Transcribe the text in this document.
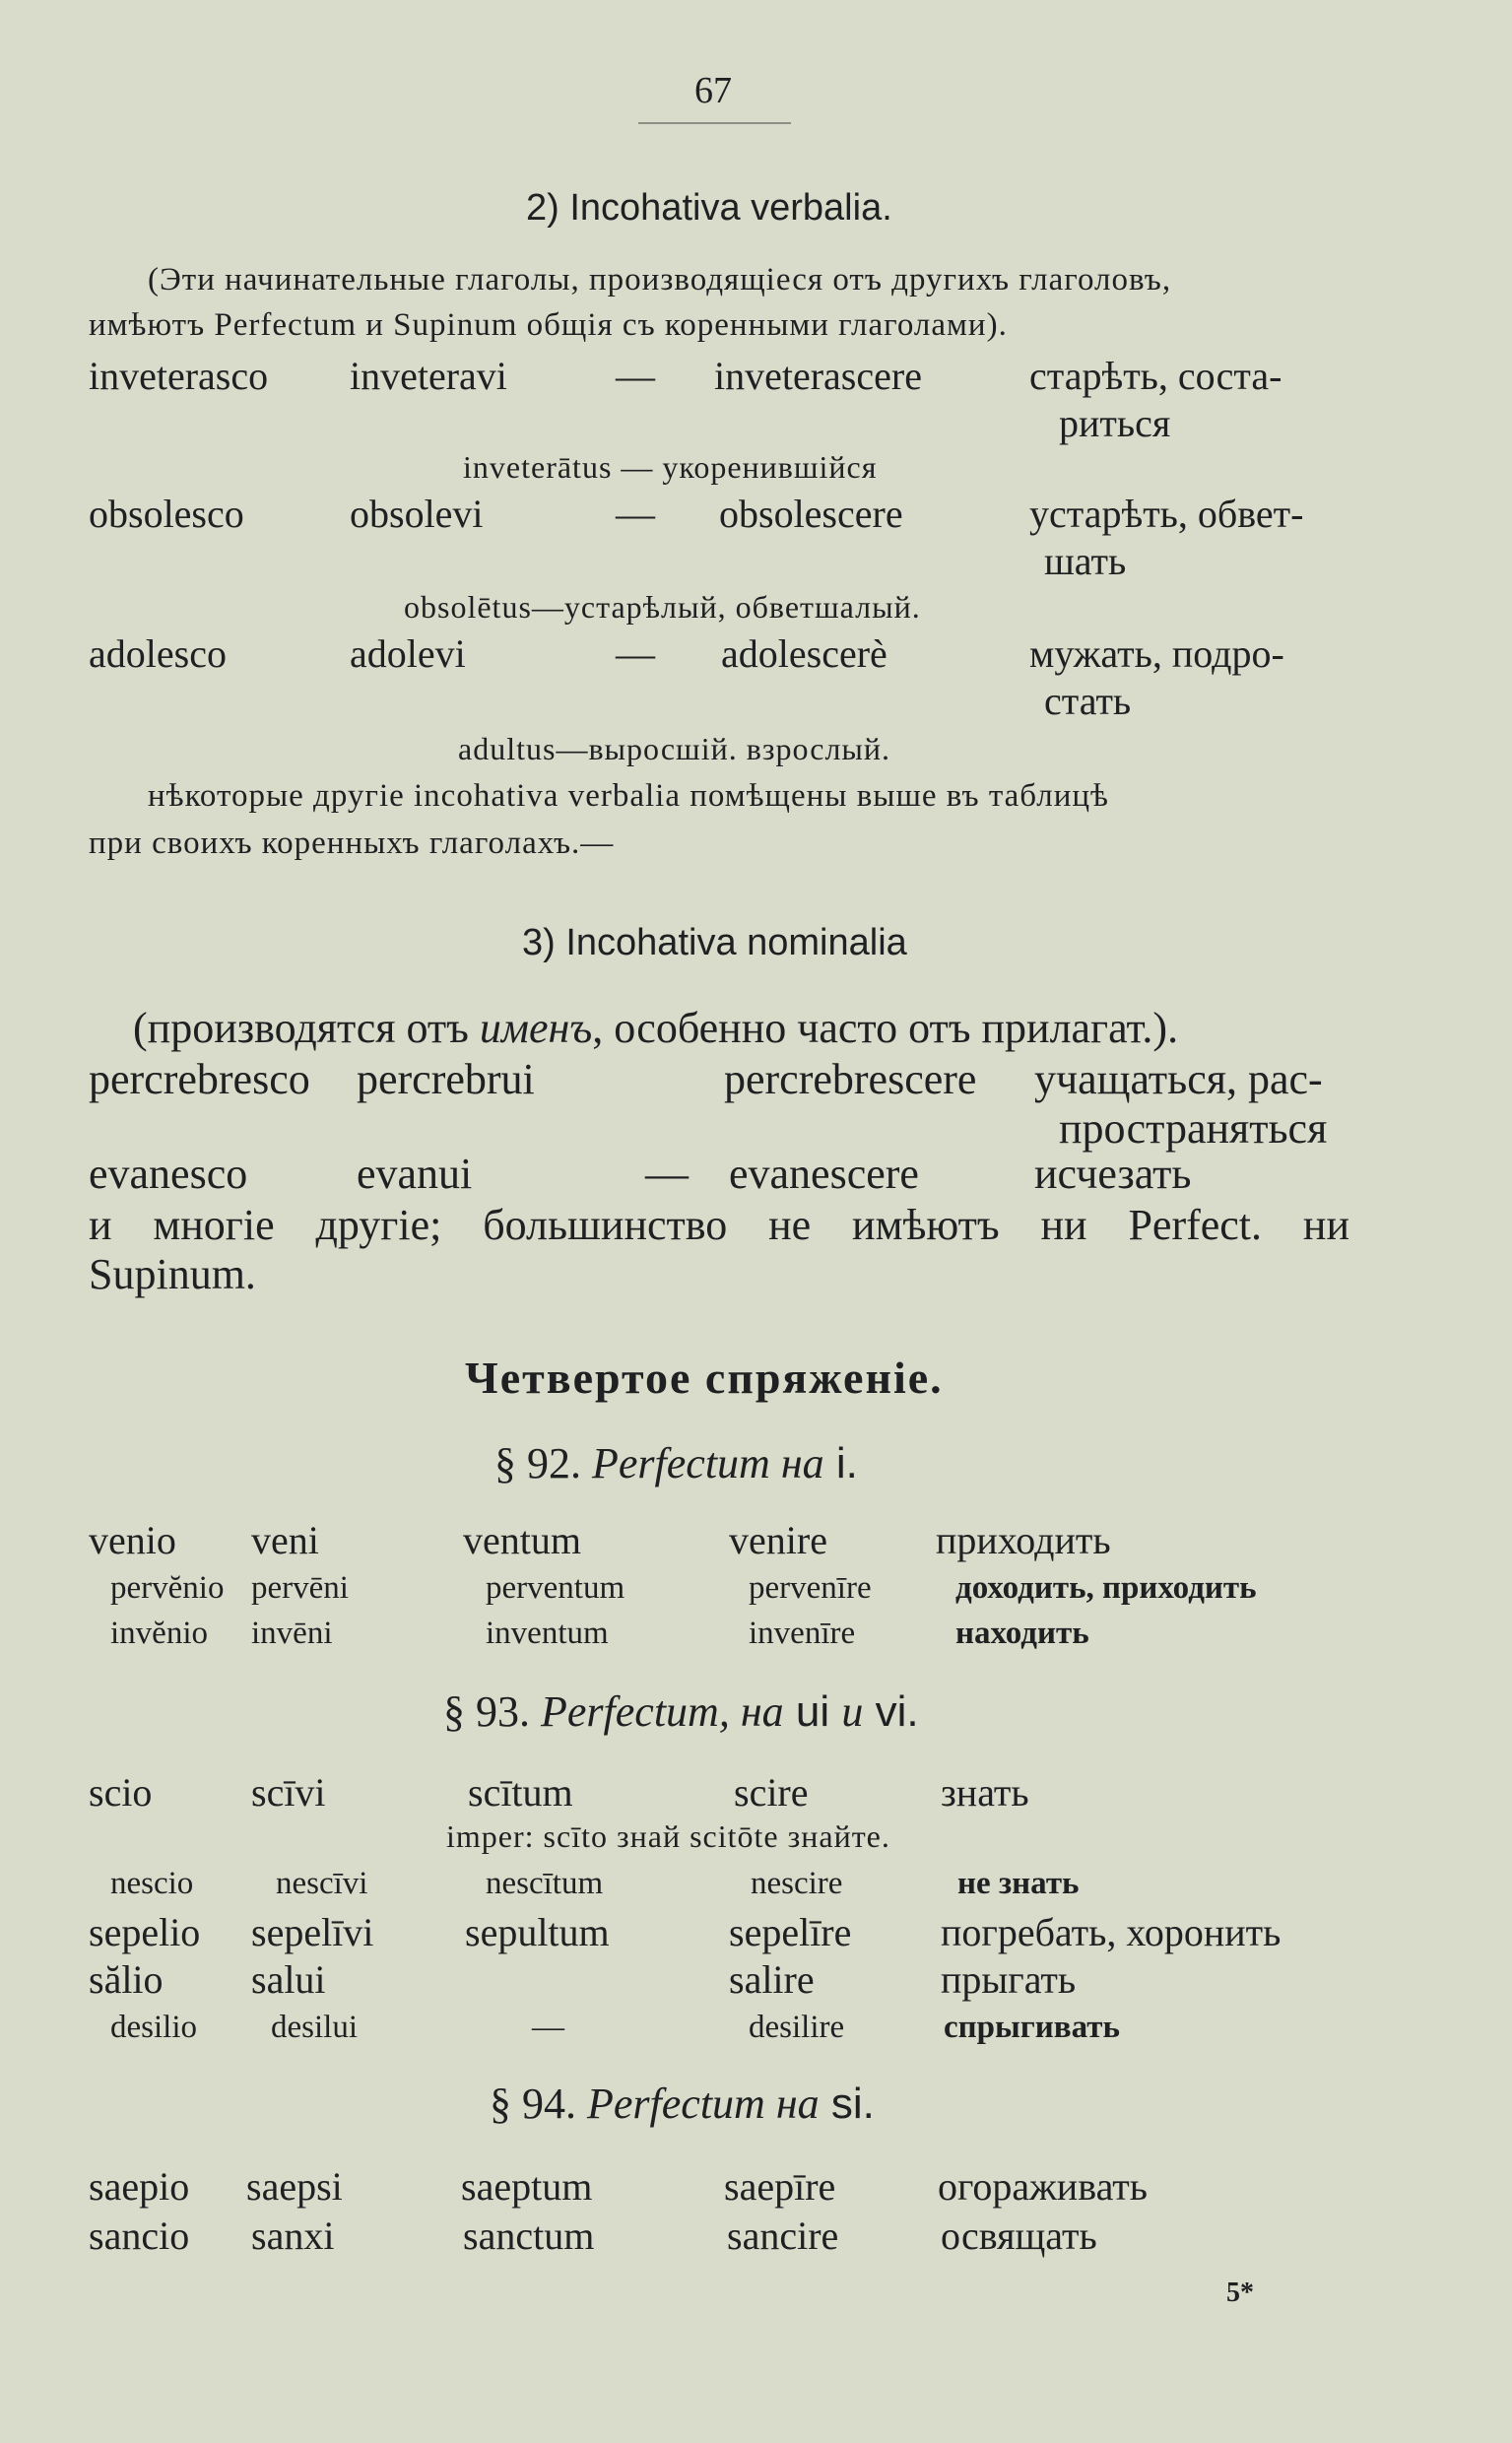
67
2) Incohativa verbalia.
(Эти начинательные глаголы, производящіеся отъ другихъ глаголовъ,
имѣютъ Perfectum и Supinum общія съ коренными глаголами).
inveterasco inveteravi	— inveterascere	старѣть, соста-
риться
inveterātus — укоренившійся
obsolesco	obsolevi	— obsolescere	устарѣть, обвет-
шать
obsolētus—устарѣлый, обветшалый.
adolesco	adolevi	— adolescerè	мужать, подро-
стать
adultus—выросшій. взрослый.
нѣкоторые другіе incohativa verbalia помѣщены выше въ таблицѣ
при своихъ коренныхъ глаголахъ.—
3) Incohativa nominalia
(производятся отъ именъ, особенно часто отъ прилагат.).
percrebresco percrebrui	percrebrescere учащаться, рас-
пространяться
evanesco	evanui	— evanescere	исчезать
и многіе другіе; большинство не имѣютъ ни Perfect. ни
Supinum.
Четвертое спряженіе.
§ 92. Perfectum на i.
venio veni	ventum	venire	приходить
pervĕnio pervēni	perventum	pervenīre	доходить, приходить
invĕnio invēni	inventum	invenīre	находить
§ 93. Perfectum, на ui и vi.
scio	scīvi	scītum	scire	знать
imper: scīto знай scitōte знайте.
nescio	nescīvi	nescītum	nescire	не знать
sepelio sepelīvi sepultum	sepelīre погребать, хоронить
sălio salui	salire	прыгать
desilio desilui	—	desilire	спрыгивать
§ 94. Perfectum на si.
saepio saepsi	saeptum	saepīre	огораживать
sancio sanxi	sanctum	sancire	освящать
5*
